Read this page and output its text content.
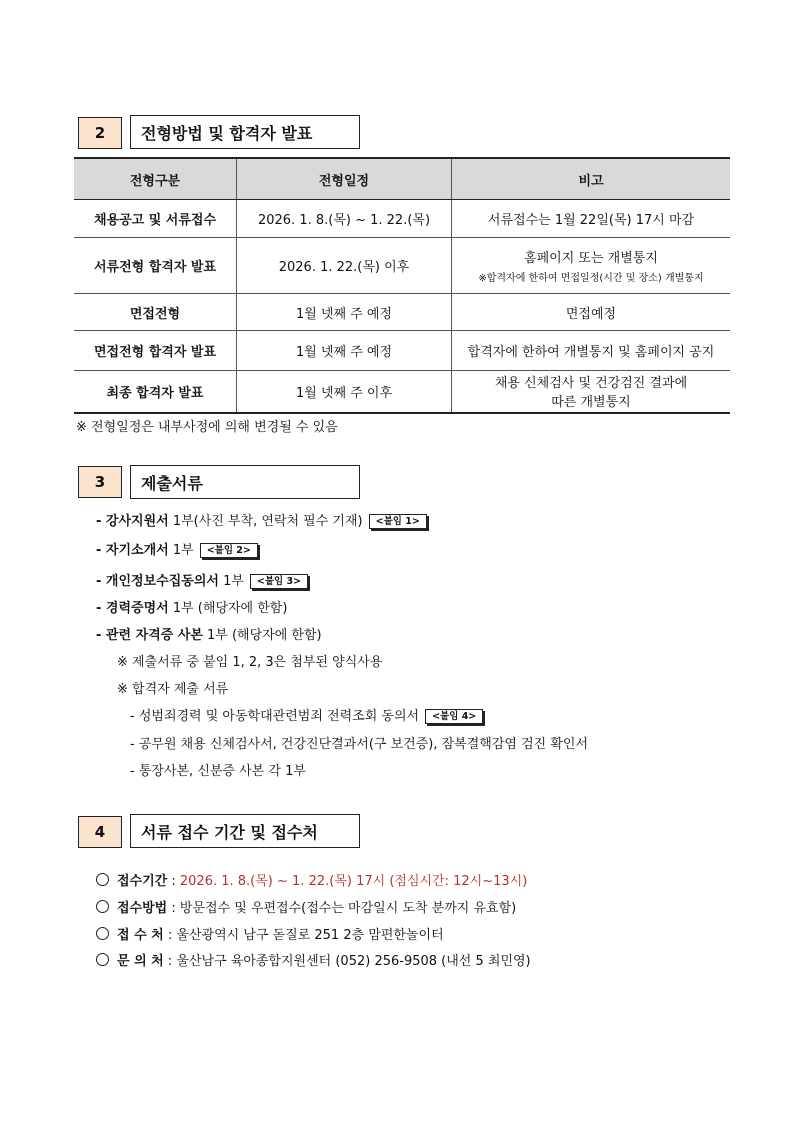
2	전형방법 및 합격자 발표
전형구분	전형일정	비고
채용공고 및 서류접수	2026. 1. 8.(목) ~ 1. 22.(목)	서류접수는 1월 22일(목) 17시 마감
서류전형 합격자 발표	2026. 1. 22.(목) 이후	홈페이지 또는 개별통지
※합격자에 한하여 면접일정(시간 및 장소) 개별통지

면접전형	1월 넷째 주 예정	면접예정
면접전형 합격자 발표	1월 넷째 주 예정	합격자에 한하여 개별통지 및 홈페이지 공지
최종 합격자 발표	1월 넷째 주 이후	채용 신체검사 및 건강검진 결과에
따른 개별통지
※ 전형일정은 내부사정에 의해 변경될 수 있음
3	제출서류
- 강사지원서 1부(사진 부착, 연락처 필수 기재) <붙임 1>
- 자기소개서 1부 <붙임 2>
- 개인정보수집동의서 1부 <붙임 3>
- 경력증명서 1부 (해당자에 한함)
- 관련 자격증 사본 1부 (해당자에 한함)
※ 제출서류 중 붙임 1, 2, 3은 첨부된 양식사용
※ 합격자 제출 서류
- 성범죄경력 및 아동학대관련범죄 전력조회 동의서 <붙임 4>
- 공무원 채용 신체검사서, 건강진단결과서(구 보건증), 잠복결핵감염 검진 확인서
- 통장사본, 신분증 사본 각 1부
4	서류 접수 기간 및 접수처
접수기간 : 2026. 1. 8.(목) ~ 1. 22.(목) 17시 (점심시간: 12시~13시)
접수방법 : 방문접수 및 우편접수(접수는 마감일시 도착 분까지 유효함)
접 수 처 : 울산광역시 남구 돋질로 251 2층 맘편한놀이터
문 의 처 : 울산남구 육아종합지원센터 (052) 256-9508 (내선 5 최민영)
